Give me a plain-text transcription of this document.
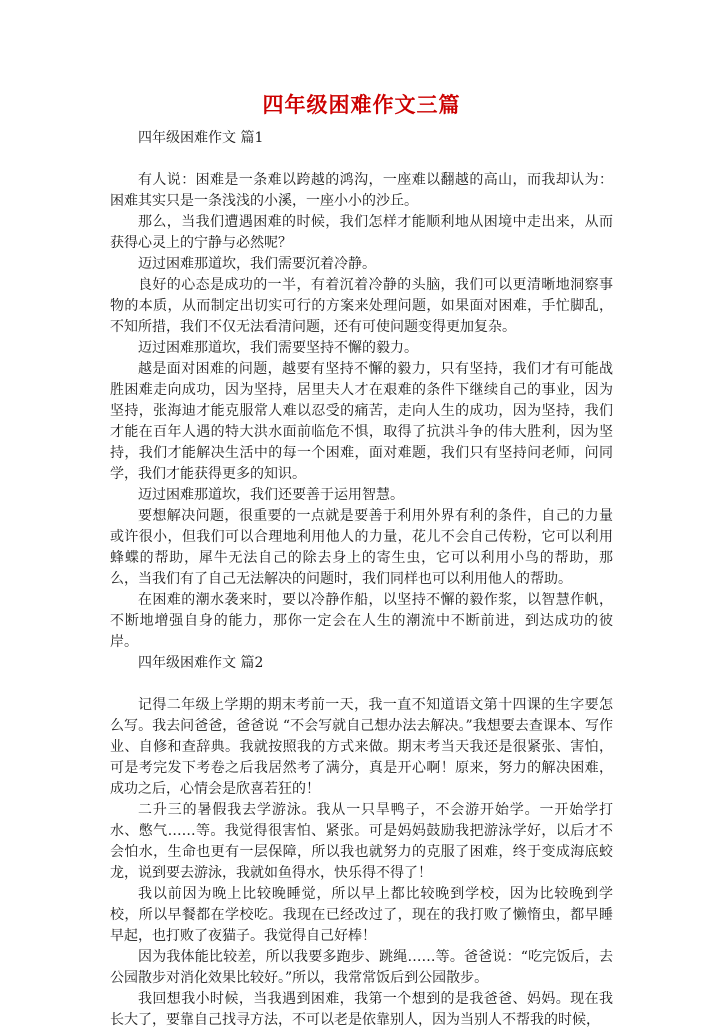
四年级困难作文三篇

四年级困难作文 篇1

有人说：困难是一条难以跨越的鸿沟，一座难以翻越的高山，而我却认为：困难其实只是一条浅浅的小溪，一座小小的沙丘。

那么，当我们遭遇困难的时候，我们怎样才能顺利地从困境中走出来，从而获得心灵上的宁静与必然呢？

迈过困难那道坎，我们需要沉着冷静。

良好的心态是成功的一半，有着沉着冷静的头脑，我们可以更清晰地洞察事物的本质，从而制定出切实可行的方案来处理问题，如果面对困难，手忙脚乱，不知所措，我们不仅无法看清问题，还有可使问题变得更加复杂。

迈过困难那道坎，我们需要坚持不懈的毅力。

越是面对困难的问题，越要有坚持不懈的毅力，只有坚持，我们才有可能战胜困难走向成功，因为坚持，居里夫人才在艰难的条件下继续自己的事业，因为坚持，张海迪才能克服常人难以忍受的痛苦，走向人生的成功，因为坚持，我们才能在百年人遇的特大洪水面前临危不惧，取得了抗洪斗争的伟大胜利，因为坚持，我们才能解决生活中的每一个困难，面对难题，我们只有坚持问老师，问同学，我们才能获得更多的知识。

迈过困难那道坎，我们还要善于运用智慧。

要想解决问题，很重要的一点就是要善于利用外界有利的条件，自己的力量或许很小，但我们可以合理地利用他人的力量，花儿不会自己传粉，它可以利用蜂蝶的帮助，犀牛无法自己的除去身上的寄生虫，它可以利用小鸟的帮助，那么，当我们有了自己无法解决的问题时，我们同样也可以利用他人的帮助。

在困难的潮水袭来时，要以冷静作船，以坚持不懈的毅作浆，以智慧作帆，不断地增强自身的能力，那你一定会在人生的潮流中不断前进，到达成功的彼岸。

四年级困难作文 篇2

记得二年级上学期的期末考前一天，我一直不知道语文第十四课的生字要怎么写。我去问爸爸，爸爸说 “不会写就自己想办法去解决。”我想要去查课本、写作业、自修和查辞典。我就按照我的方式来做。期末考当天我还是很紧张、害怕，可是考完发下考卷之后我居然考了满分，真是开心啊！原来，努力的解决困难，成功之后，心情会是欣喜若狂的！

二升三的暑假我去学游泳。我从一只旱鸭子，不会游开始学。一开始学打水、憋气……等。我觉得很害怕、紧张。可是妈妈鼓励我把游泳学好，以后才不会怕水，生命也更有一层保障，所以我也就努力的克服了困难，终于变成海底蛟龙，说到要去游泳，我就如鱼得水，快乐得不得了！

我以前因为晚上比较晚睡觉，所以早上都比较晚到学校，因为比较晚到学校，所以早餐都在学校吃。我现在已经改过了，现在的我打败了懒惰虫，都早睡早起，也打败了夜猫子。我觉得自己好棒！

因为我体能比较差，所以我要多跑步、跳绳……等。爸爸说：“吃完饭后，去公园散步对消化效果比较好。”所以，我常常饭后到公园散步。

我回想我小时候，当我遇到困难，我第一个想到的是我爸爸、妈妈。现在我长大了，要靠自己找寻方法，不可以老是依靠别人，因为当别人不帮我的时候，
